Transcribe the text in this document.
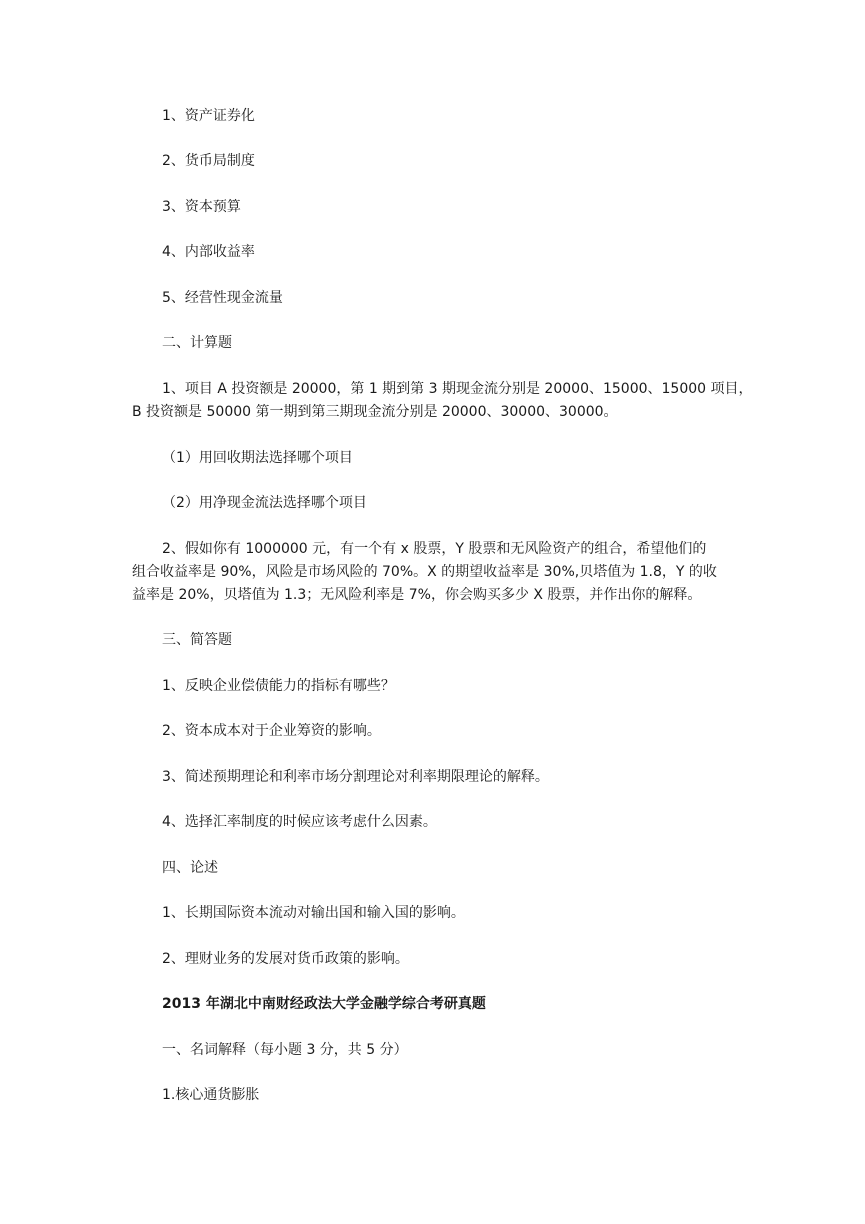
1、资产证券化
2、货币局制度
3、资本预算
4、内部收益率
5、经营性现金流量
二、计算题
1、项目 A 投资额是 20000，第 1 期到第 3 期现金流分别是 20000、15000、15000 项目，
B 投资额是 50000 第一期到第三期现金流分别是 20000、30000、30000。
（1）用回收期法选择哪个项目
（2）用净现金流法选择哪个项目
2、假如你有 1000000 元，有一个有 x 股票，Y 股票和无风险资产的组合，希望他们的
组合收益率是 90%，风险是市场风险的 70%。X 的期望收益率是 30%,贝塔值为 1.8，Y 的收
益率是 20%，贝塔值为 1.3；无风险利率是 7%，你会购买多少 X 股票，并作出你的解释。
三、简答题
1、反映企业偿债能力的指标有哪些？
2、资本成本对于企业筹资的影响。
3、简述预期理论和利率市场分割理论对利率期限理论的解释。
4、选择汇率制度的时候应该考虑什么因素。
四、论述
1、长期国际资本流动对输出国和输入国的影响。
2、理财业务的发展对货币政策的影响。
2013 年湖北中南财经政法大学金融学综合考研真题
一、名词解释（每小题 3 分，共 5 分）
1.核心通货膨胀
